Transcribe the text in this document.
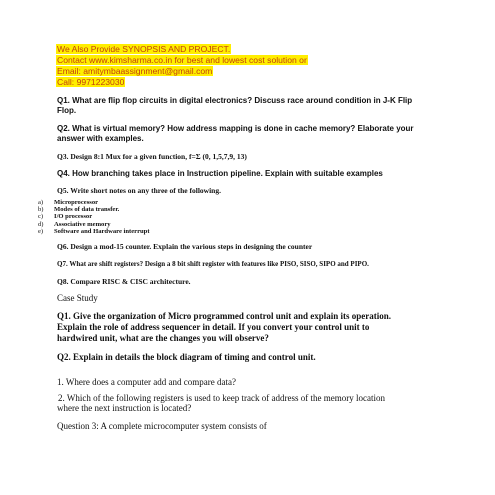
We Also Provide SYNOPSIS AND PROJECT.
Contact www.kimsharma.co.in for best and lowest cost solution or
Email: amitymbaassignment@gmail.com
Call: 9971223030
Q1. What are flip flop circuits in digital electronics? Discuss race around condition in J-K Flip
Flop.
Q2. What is virtual memory? How address mapping is done in cache memory? Elaborate your
answer with examples.
Q3. Design 8:1 Mux for a given function, f=Σ (0, 1,5,7,9, 13)
Q4. How branching takes place in Instruction pipeline. Explain with suitable examples
Q5. Write short notes on any three of the following.
a) Microprocessor
b) Modes of data transfer.
c) I/O processor
d) Associative memory
e) Software and Hardware interrupt
Q6. Design a mod-15 counter. Explain the various steps in designing the counter
Q7. What are shift registers? Design a 8 bit shift register with features like PISO, SISO, SIPO and PIPO.
Q8. Compare RISC & CISC architecture.
Case Study
Q1. Give the organization of Micro programmed control unit and explain its operation.
Explain the role of address sequencer in detail. If you convert your control unit to
hardwired unit, what are the changes you will observe?
Q2. Explain in details the block diagram of timing and control unit.
1. Where does a computer add and compare data?
2. Which of the following registers is used to keep track of address of the memory location
where the next instruction is located?
Question 3: A complete microcomputer system consists of
